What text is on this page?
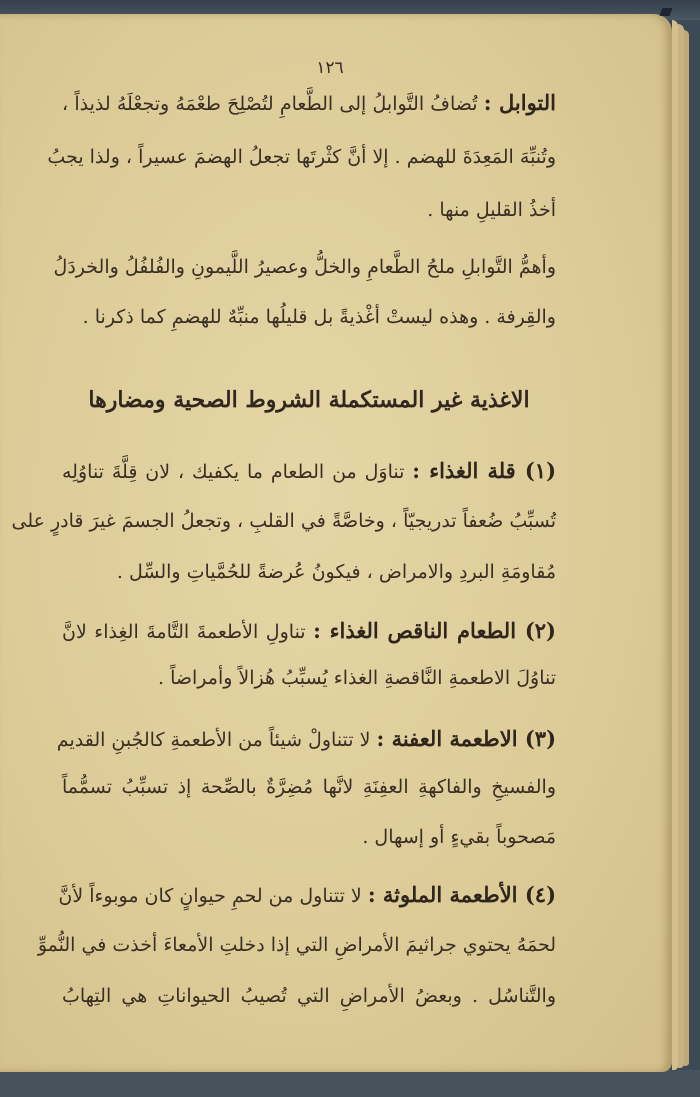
١٢٦
التوابل : تُضافُ التَّوابلُ إلى الطَّعامِ لتُصْلِحَ طعْمَهُ وتجعْلَهُ لذيذاً ،
وتُنبِّهَ المَعِدَةَ للهضم . إلا أنَّ كثْرتَها تجعلُ الهضمَ عسيراً ، ولذا يجبُ
أخذُ القليلِ منها .
وأهمُّ التَّوابلِ ملحُ الطَّعامِ والخلُّ وعصيرُ اللَّيمونِ والفُلفُلُ والخردَلُ
والقِرفة . وهذه ليستْ أغْذيةً بل قليلُها منبِّهٌ للهضمِ كما ذكرنا .
الاغذية غير المستكملة الشروط الصحية ومضارها
(١) قلة الغذاء : تناوَل من الطعام ما يكفيك ، لان قِلَّةَ تناوُلِه
تُسبِّبُ ضُعفاً تدريجيّاً ، وخاصَّةً في القلبِ ، وتجعلُ الجسمَ غيرَ قادرٍ على
مُقاومَةِ البردِ والامراض ، فيكونُ عُرضةً للحُمَّياتِ والسِّل .
(٢) الطعام الناقص الغذاء : تناولِ الأطعمةَ التَّامةَ الغِذاء لانَّ
تناوُلَ الاطعمةِ النَّاقصةِ الغذاء يُسبِّبُ هُزالاً وأمراضاً .
(٣) الاطعمة العفنة : لا تتناولْ شيئاً من الأطعمةِ كالجُبنِ القديم
والفسيخِ والفاكهةِ العفِنَةِ لانَّها مُضِرَّةٌ بالصِّحة إذ تسبِّبُ تسمُّماً
مَصحوباً بقيءٍ أو إسهال .
(٤) الأطعمة الملوثة : لا تتناول من لحمِ حيوانٍ كان موبوءاً لأنَّ
لحمَهُ يحتوي جراثيمَ الأمراضِ التي إذا دخلتِ الأمعاءَ أخذت في النُّموِّ
والتَّناسُل . وبعضُ الأمراضِ التي تُصيبُ الحيواناتِ هي التِهابُ
